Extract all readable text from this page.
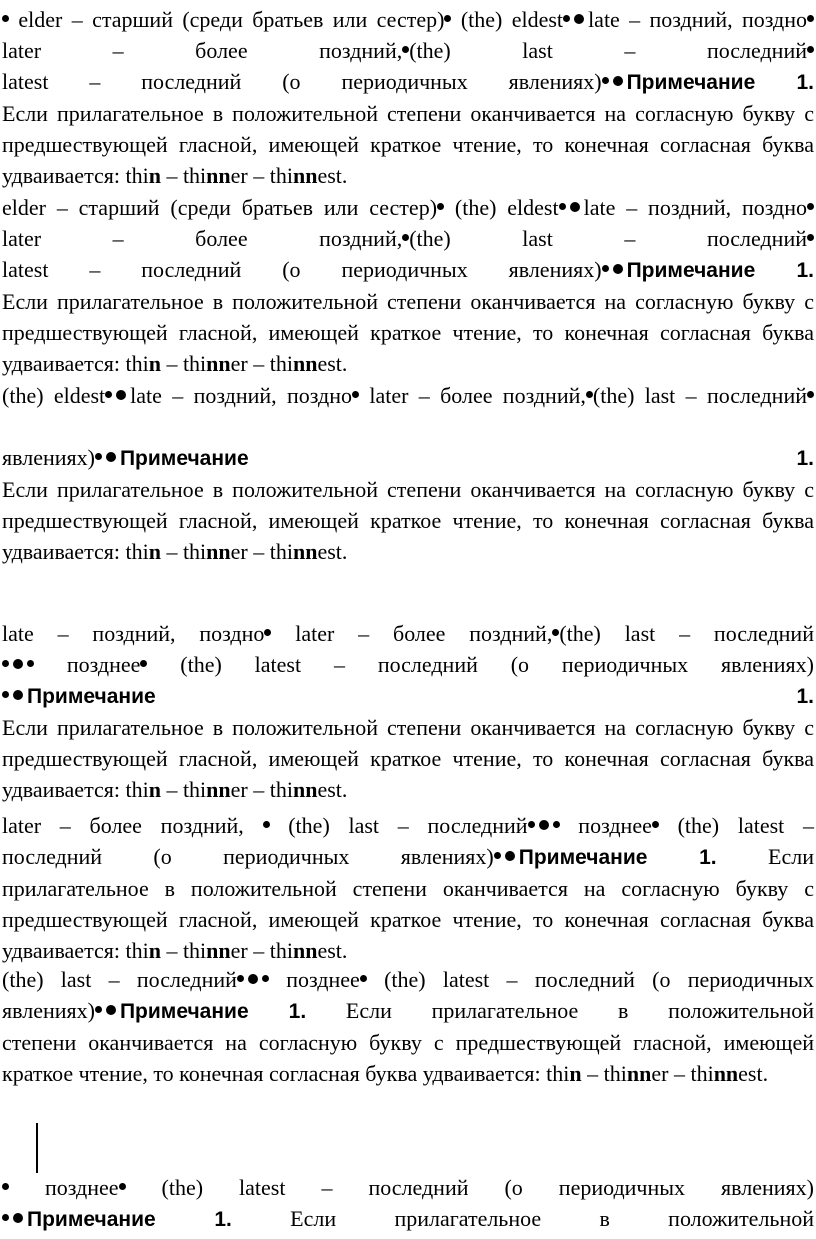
elder – старший (среди братьев или сестер) (the) eldest late – поздний, поздно
later – более поздний, (the) last – последний
latest – последний (о периодичных явлениях) Примечание 1.
Если прилагательное в положительной степени оканчивается на согласную букву с предшествующей гласной, имеющей краткое чтение, то конечная согласная буква удваивается: thin – thinner – thinnest.
elder – старший (среди братьев или сестер) (the) eldest late – поздний, поздно
later – более поздний, (the) last – последний
latest – последний (о периодичных явлениях) Примечание 1.
Если прилагательное в положительной степени оканчивается на согласную букву с предшествующей гласной, имеющей краткое чтение, то конечная согласная буква удваивается: thin – thinner – thinnest.
(the) eldest late – поздний, поздно later – более поздний, (the) last – последний
явлениях) Примечание 1.
Если прилагательное в положительной степени оканчивается на согласную букву с предшествующей гласной, имеющей краткое чтение, то конечная согласная буква удваивается: thin – thinner – thinnest.
late – поздний, поздно later – более поздний, (the) last – последний
позднее (the) latest – последний (о периодичных явлениях)
Примечание 1.
Если прилагательное в положительной степени оканчивается на согласную букву с предшествующей гласной, имеющей краткое чтение, то конечная согласная буква удваивается: thin – thinner – thinnest.
later – более поздний, (the) last – последний позднее (the) latest –
последний (о периодичных явлениях) Примечание 1. Если
прилагательное в положительной степени оканчивается на согласную букву с предшествующей гласной, имеющей краткое чтение, то конечная согласная буква удваивается: thin – thinner – thinnest.
(the) last – последний позднее (the) latest – последний (о периодичных
явлениях) Примечание 1. Если прилагательное в положительной
степени оканчивается на согласную букву с предшествующей гласной, имеющей краткое чтение, то конечная согласная буква удваивается: thin – thinner – thinnest.
позднее (the) latest – последний (о периодичных явлениях)
Примечание 1. Если прилагательное в положительной
